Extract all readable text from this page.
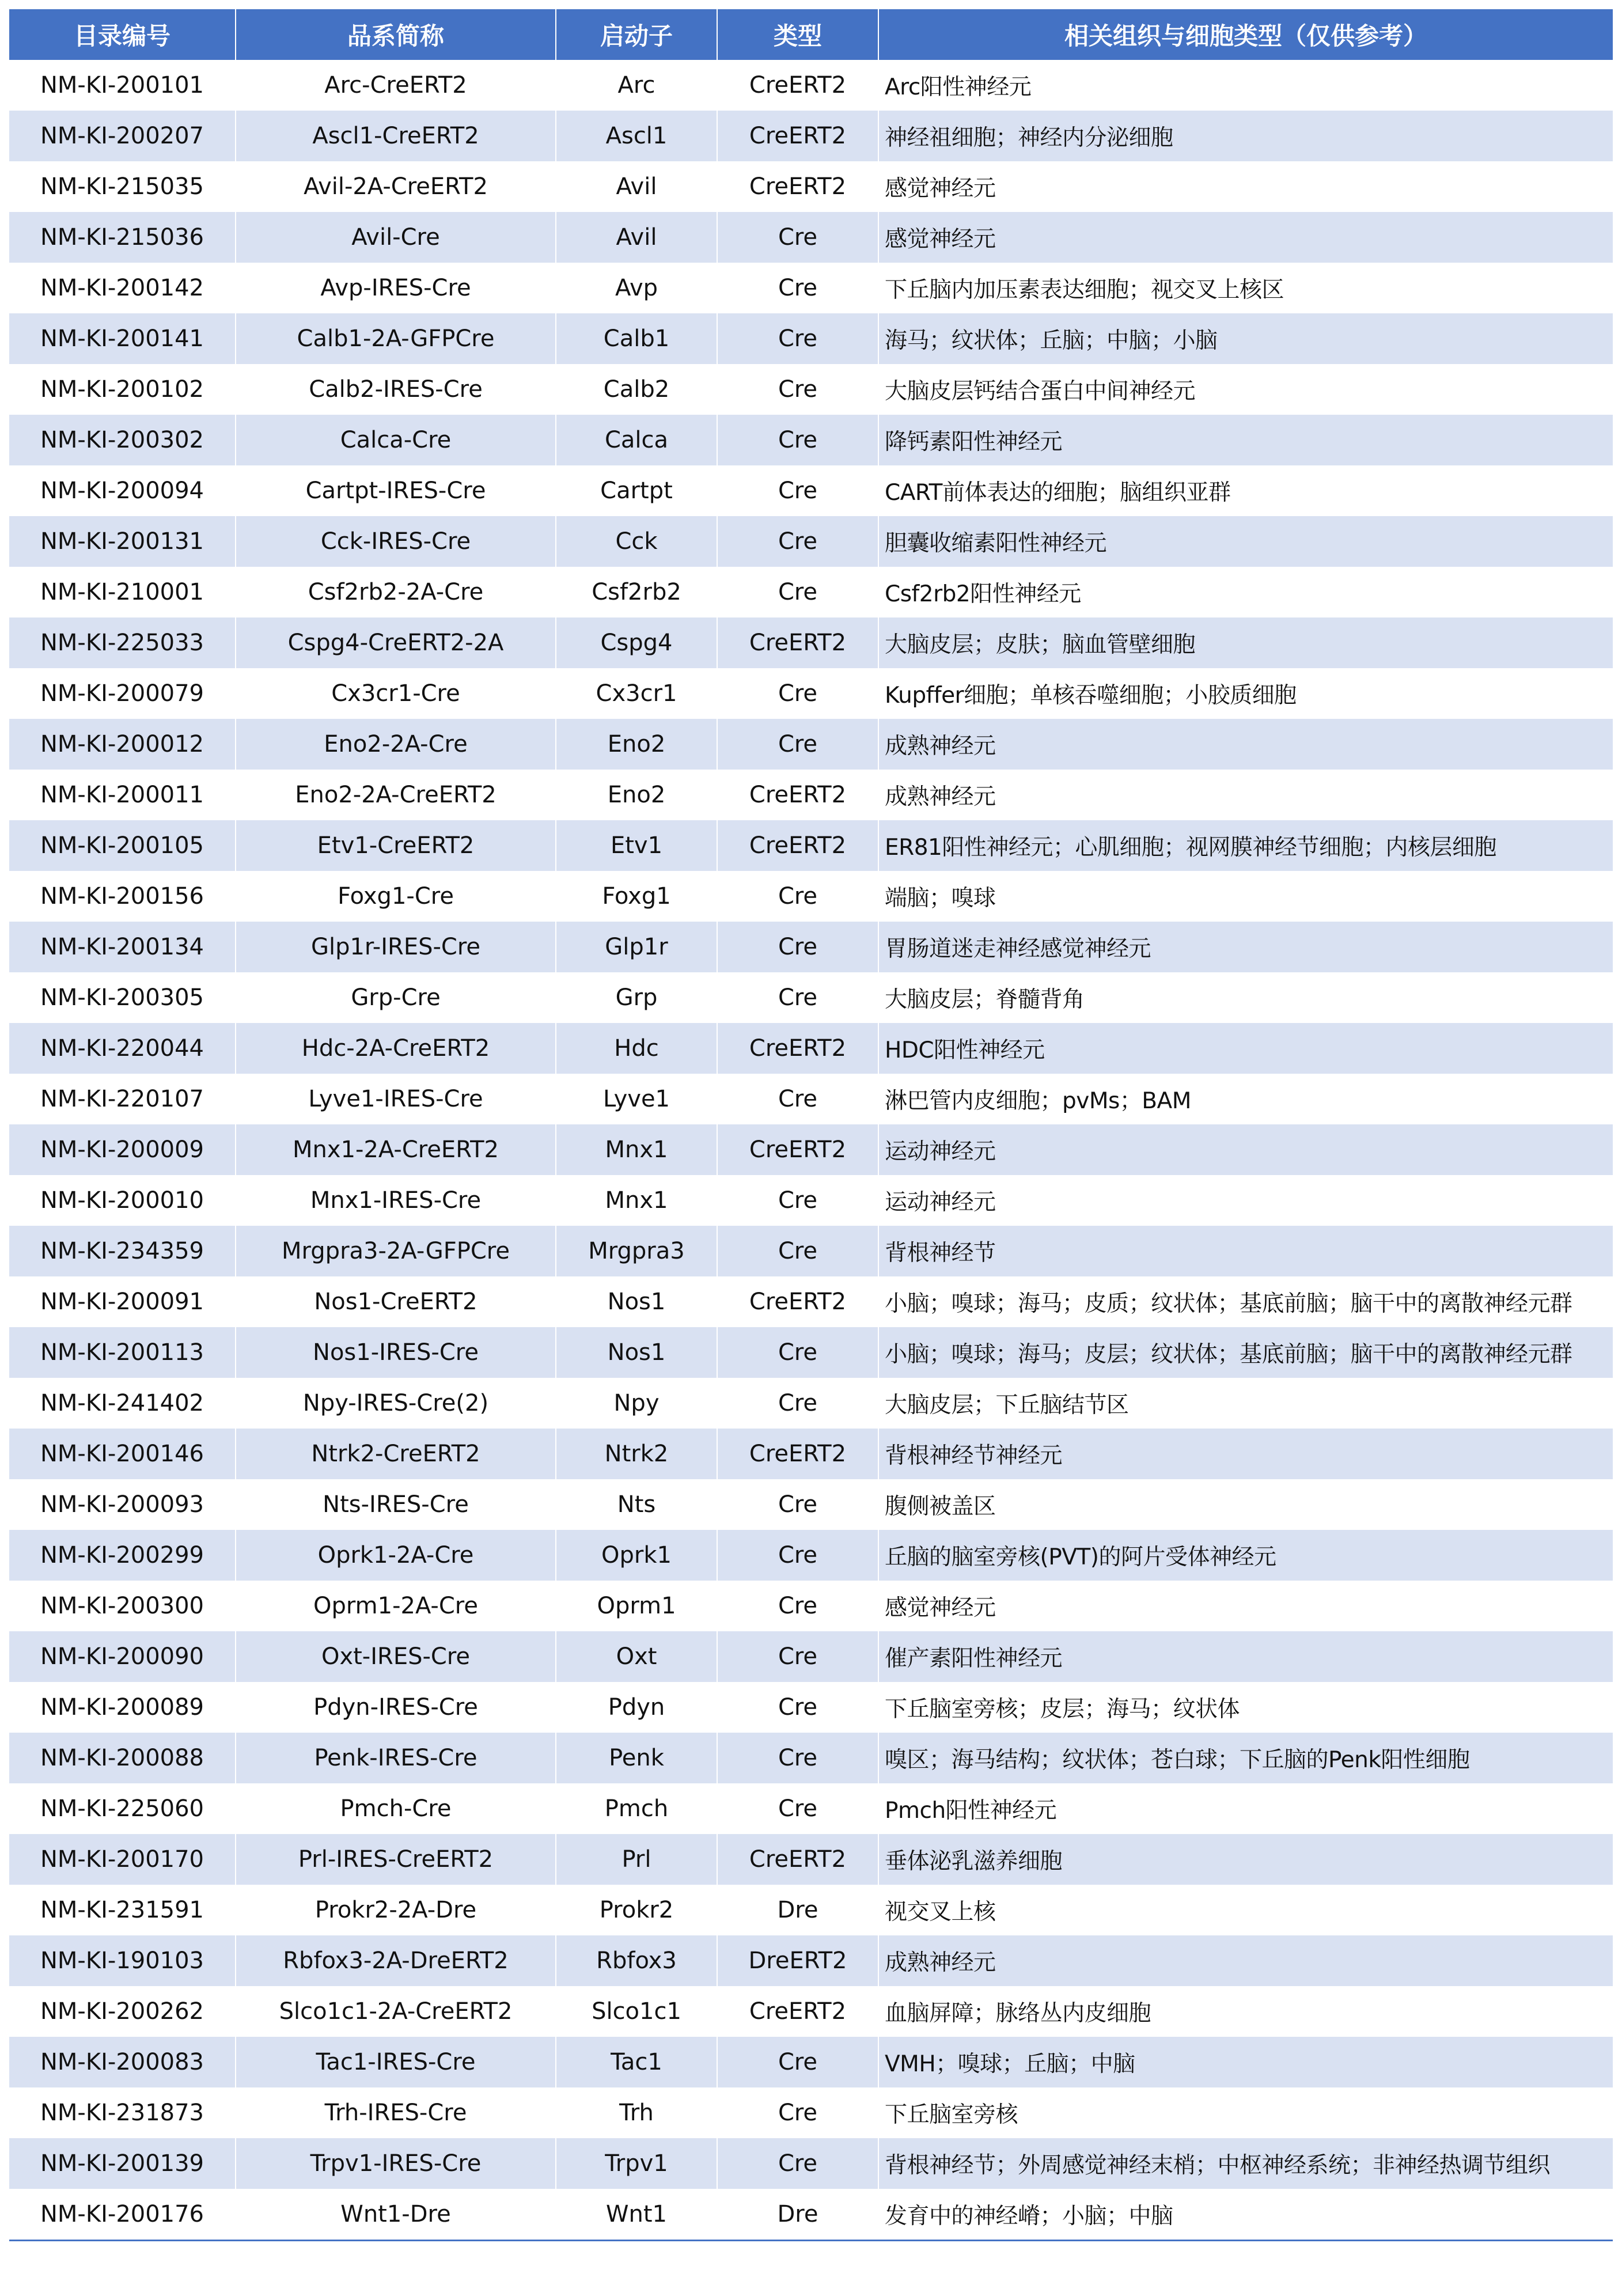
目录编号	品系简称	启动子	类型	相关组织与细胞类型（仅供参考）
NM-KI-200101	Arc-CreERT2	Arc	CreERT2	Arc阳性神经元
NM-KI-200207	Ascl1-CreERT2	Ascl1	CreERT2	神经祖细胞；神经内分泌细胞
NM-KI-215035	Avil-2A-CreERT2	Avil	CreERT2	感觉神经元
NM-KI-215036	Avil-Cre	Avil	Cre	感觉神经元
NM-KI-200142	Avp-IRES-Cre	Avp	Cre	下丘脑内加压素表达细胞；视交叉上核区
NM-KI-200141	Calb1-2A-GFPCre	Calb1	Cre	海马；纹状体；丘脑；中脑；小脑
NM-KI-200102	Calb2-IRES-Cre	Calb2	Cre	大脑皮层钙结合蛋白中间神经元
NM-KI-200302	Calca-Cre	Calca	Cre	降钙素阳性神经元
NM-KI-200094	Cartpt-IRES-Cre	Cartpt	Cre	CART前体表达的细胞；脑组织亚群
NM-KI-200131	Cck-IRES-Cre	Cck	Cre	胆囊收缩素阳性神经元
NM-KI-210001	Csf2rb2-2A-Cre	Csf2rb2	Cre	Csf2rb2阳性神经元
NM-KI-225033	Cspg4-CreERT2-2A	Cspg4	CreERT2	大脑皮层；皮肤；脑血管壁细胞
NM-KI-200079	Cx3cr1-Cre	Cx3cr1	Cre	Kupffer细胞；单核吞噬细胞；小胶质细胞
NM-KI-200012	Eno2-2A-Cre	Eno2	Cre	成熟神经元
NM-KI-200011	Eno2-2A-CreERT2	Eno2	CreERT2	成熟神经元
NM-KI-200105	Etv1-CreERT2	Etv1	CreERT2	ER81阳性神经元；心肌细胞；视网膜神经节细胞；内核层细胞
NM-KI-200156	Foxg1-Cre	Foxg1	Cre	端脑；嗅球
NM-KI-200134	Glp1r-IRES-Cre	Glp1r	Cre	胃肠道迷走神经感觉神经元
NM-KI-200305	Grp-Cre	Grp	Cre	大脑皮层；脊髓背角
NM-KI-220044	Hdc-2A-CreERT2	Hdc	CreERT2	HDC阳性神经元
NM-KI-220107	Lyve1-IRES-Cre	Lyve1	Cre	淋巴管内皮细胞；pvMs；BAM
NM-KI-200009	Mnx1-2A-CreERT2	Mnx1	CreERT2	运动神经元
NM-KI-200010	Mnx1-IRES-Cre	Mnx1	Cre	运动神经元
NM-KI-234359	Mrgpra3-2A-GFPCre	Mrgpra3	Cre	背根神经节
NM-KI-200091	Nos1-CreERT2	Nos1	CreERT2	小脑；嗅球；海马；皮质；纹状体；基底前脑；脑干中的离散神经元群
NM-KI-200113	Nos1-IRES-Cre	Nos1	Cre	小脑；嗅球；海马；皮层；纹状体；基底前脑；脑干中的离散神经元群
NM-KI-241402	Npy-IRES-Cre(2)	Npy	Cre	大脑皮层；下丘脑结节区
NM-KI-200146	Ntrk2-CreERT2	Ntrk2	CreERT2	背根神经节神经元
NM-KI-200093	Nts-IRES-Cre	Nts	Cre	腹侧被盖区
NM-KI-200299	Oprk1-2A-Cre	Oprk1	Cre	丘脑的脑室旁核(PVT)的阿片受体神经元
NM-KI-200300	Oprm1-2A-Cre	Oprm1	Cre	感觉神经元
NM-KI-200090	Oxt-IRES-Cre	Oxt	Cre	催产素阳性神经元
NM-KI-200089	Pdyn-IRES-Cre	Pdyn	Cre	下丘脑室旁核；皮层；海马；纹状体
NM-KI-200088	Penk-IRES-Cre	Penk	Cre	嗅区；海马结构；纹状体；苍白球；下丘脑的Penk阳性细胞
NM-KI-225060	Pmch-Cre	Pmch	Cre	Pmch阳性神经元
NM-KI-200170	Prl-IRES-CreERT2	Prl	CreERT2	垂体泌乳滋养细胞
NM-KI-231591	Prokr2-2A-Dre	Prokr2	Dre	视交叉上核
NM-KI-190103	Rbfox3-2A-DreERT2	Rbfox3	DreERT2	成熟神经元
NM-KI-200262	Slco1c1-2A-CreERT2	Slco1c1	CreERT2	血脑屏障；脉络丛内皮细胞
NM-KI-200083	Tac1-IRES-Cre	Tac1	Cre	VMH；嗅球；丘脑；中脑
NM-KI-231873	Trh-IRES-Cre	Trh	Cre	下丘脑室旁核
NM-KI-200139	Trpv1-IRES-Cre	Trpv1	Cre	背根神经节；外周感觉神经末梢；中枢神经系统；非神经热调节组织
NM-KI-200176	Wnt1-Dre	Wnt1	Dre	发育中的神经嵴；小脑；中脑
